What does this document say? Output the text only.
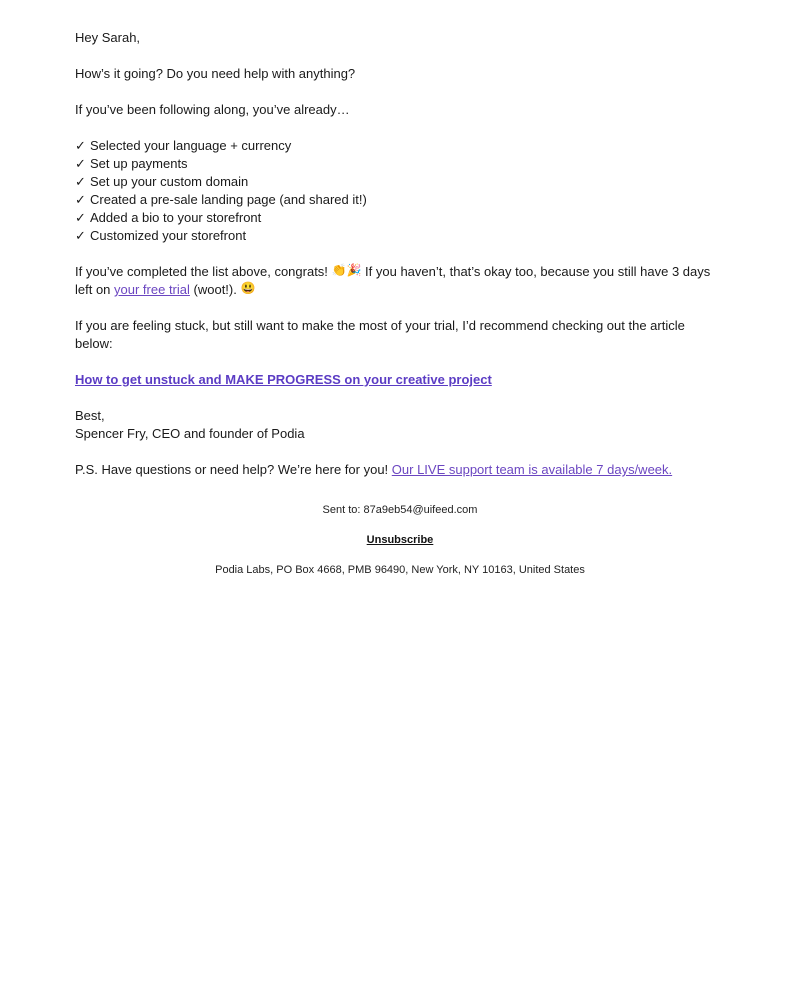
Hey Sarah,

How’s it going? Do you need help with anything?

If you’ve been following along, you’ve already…

✓ Selected your language + currency
✓ Set up payments
✓ Set up your custom domain
✓ Created a pre-sale landing page (and shared it!)
✓ Added a bio to your storefront
✓ Customized your storefront

If you’ve completed the list above, congrats! 👏🎉 If you haven’t, that’s okay too, because you still have 3 days left on your free trial (woot!). 😃

If you are feeling stuck, but still want to make the most of your trial, I’d recommend checking out the article below:

How to get unstuck and MAKE PROGRESS on your creative project

Best,
Spencer Fry, CEO and founder of Podia

P.S. Have questions or need help? We’re here for you! Our LIVE support team is available 7 days/week.

Sent to: 87a9eb54@uifeed.com
Unsubscribe
Podia Labs, PO Box 4668, PMB 96490, New York, NY 10163, United States
